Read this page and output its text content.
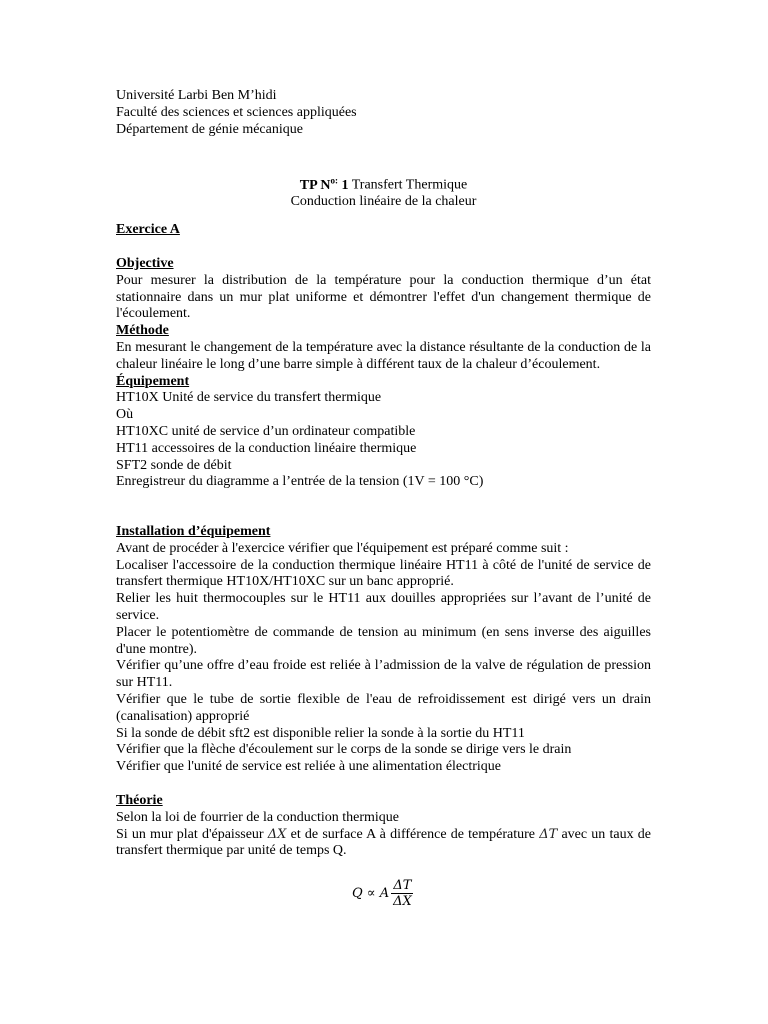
Université Larbi Ben M’hidi
Faculté des sciences et sciences appliquées
Département de génie mécanique
TP $N^{o:}$ 1 Transfert Thermique
Conduction linéaire de la chaleur
Exercice A
Objective
Pour mesurer la distribution de la température pour la conduction thermique d’un état stationnaire dans un mur plat uniforme et démontrer l'effet d'un changement thermique de l'écoulement.
Méthode
En mesurant le changement de la température avec la distance résultante de la conduction de la chaleur linéaire le long d’une barre simple à différent taux de la chaleur d’écoulement.
Équipement
HT10X Unité de service du transfert thermique
Où
HT10XC unité de service d’un ordinateur compatible
HT11 accessoires de la conduction linéaire thermique
SFT2 sonde de débit
Enregistreur du diagramme a l’entrée de la tension (1V = 100 °C)
Installation d’équipement
Avant de procéder à l'exercice vérifier que l'équipement est préparé comme suit :
Localiser l'accessoire de la conduction thermique linéaire HT11 à côté de l'unité de service de transfert thermique HT10X/HT10XC sur un banc approprié.
Relier les huit thermocouples sur le HT11 aux douilles appropriées sur l’avant de l’unité de service.
Placer le potentiomètre de commande de tension au minimum (en sens inverse des aiguilles d'une montre).
Vérifier qu’une offre d’eau froide est reliée à l’admission de la valve de régulation de pression sur HT11.
Vérifier que le tube de sortie flexible de l'eau de refroidissement est dirigé vers un drain (canalisation) approprié
Si la sonde de débit sft2 est disponible relier la sonde à la sortie du HT11
Vérifier que la flèche d'écoulement sur le corps de la sonde se dirige vers le drain
Vérifier que l'unité de service est reliée à une alimentation électrique
Théorie
Selon la loi de fourrier de la conduction thermique
Si un mur plat d'épaisseur ΔX et de surface A à différence de température ΔT avec un taux de transfert thermique par unité de temps Q.
Q ∝ A $\frac{\Delta T}{\Delta X}$
